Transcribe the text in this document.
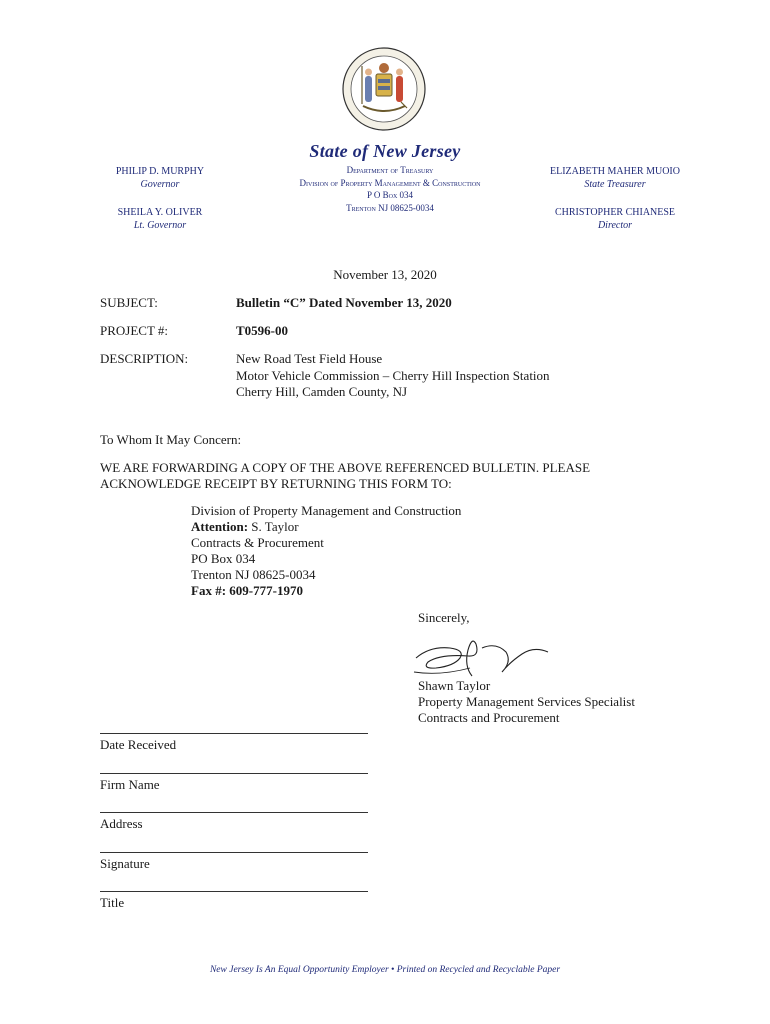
State of New Jersey
PHILIP D. MURPHY
Governor
SHEILA Y. OLIVER
Lt. Governor
Department of Treasury
Division of Property Management & Construction
P O Box 034
Trenton NJ 08625-0034
ELIZABETH MAHER MUOIO
State Treasurer
CHRISTOPHER CHIANESE
Director
November 13, 2020
SUBJECT:	Bulletin “C” Dated November 13, 2020
PROJECT #:	T0596-00
DESCRIPTION:	New Road Test Field House
Motor Vehicle Commission – Cherry Hill Inspection Station
Cherry Hill, Camden County, NJ
To Whom It May Concern:
WE ARE FORWARDING A COPY OF THE ABOVE REFERENCED BULLETIN. PLEASE
ACKNOWLEDGE RECEIPT BY RETURNING THIS FORM TO:
Division of Property Management and Construction
Attention: S. Taylor
Contracts & Procurement
PO Box 034
Trenton NJ 08625-0034
Fax #: 609-777-1970
Sincerely,
Shawn Taylor
Property Management Services Specialist
Contracts and Procurement
Date Received
Firm Name
Address
Signature
Title
New Jersey Is An Equal Opportunity Employer • Printed on Recycled and Recyclable Paper
